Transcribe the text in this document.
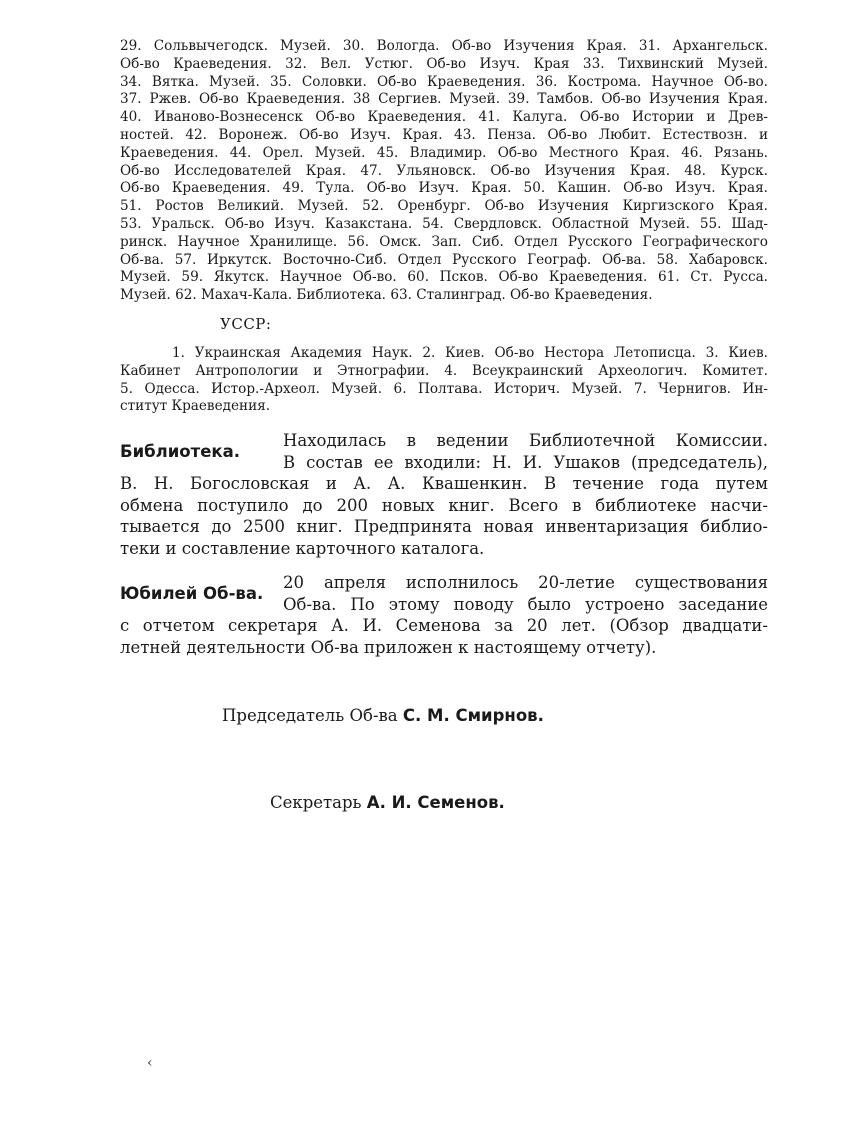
29. Сольвычегодск. Музей. 30. Вологда. Об-во Изучения Края. 31. Архангельск.
Об-во Краеведения. 32. Вел. Устюг. Об-во Изуч. Края 33. Тихвинский Музей.
34. Вятка. Музей. 35. Соловки. Об-во Краеведения. 36. Кострома. Научное Об-во.
37. Ржев. Об-во Краеведения. 38 Сергиев. Музей. 39. Тамбов. Об-во Изучения Края.
40. Иваново-Вознесенск Об-во Краеведения. 41. Калуга. Об-во Истории и Древ-
ностей. 42. Воронеж. Об-во Изуч. Края. 43. Пенза. Об-во Любит. Естествозн. и
Краеведения. 44. Орел. Музей. 45. Владимир. Об-во Местного Края. 46. Рязань.
Об-во Исследователей Края. 47. Ульяновск. Об-во Изучения Края. 48. Курск.
Об-во Краеведения. 49. Тула. Об-во Изуч. Края. 50. Кашин. Об-во Изуч. Края.
51. Ростов Великий. Музей. 52. Оренбург. Об-во Изучения Киргизского Края.
53. Уральск. Об-во Изуч. Казакстана. 54. Свердловск. Областной Музей. 55. Шад-
ринск. Научное Хранилище. 56. Омск. Зап. Сиб. Отдел Русского Географического
Об-ва. 57. Иркутск. Восточно-Сиб. Отдел Русского Географ. Об-ва. 58. Хабаровск.
Музей. 59. Якутск. Научное Об-во. 60. Псков. Об-во Краеведения. 61. Ст. Русса.
Музей. 62. Махач-Кала. Библиотека. 63. Сталинград. Об-во Краеведения.
УССР:
1. Украинская Академия Наук. 2. Киев. Об-во Нестора Летописца. 3. Киев.
Кабинет Антропологии и Этнографии. 4. Всеукраинский Археологич. Комитет.
5. Одесса. Истор.-Археол. Музей. 6. Полтава. Историч. Музей. 7. Чернигов. Ин-
ститут Краеведения.
Библиотека.
Находилась в ведении Библиотечной Комиссии.
В состав ее входили: Н. И. Ушаков (председатель),
В. Н. Богословская и А. А. Квашенкин. В течение года путем
обмена поступило до 200 новых книг. Всего в библиотеке насчи-
тывается до 2500 книг. Предпринята новая инвентаризация библио-
теки и составление карточного каталога.
Юбилей Об-ва.
20 апреля исполнилось 20-летие существования
Об-ва. По этому поводу было устроено заседание
с отчетом секретаря А. И. Семенова за 20 лет. (Обзор двадцати-
летней деятельности Об-ва приложен к настоящему отчету).
Председатель Об-ва С. М. Смирнов.
Секретарь А. И. Семенов.
‹
